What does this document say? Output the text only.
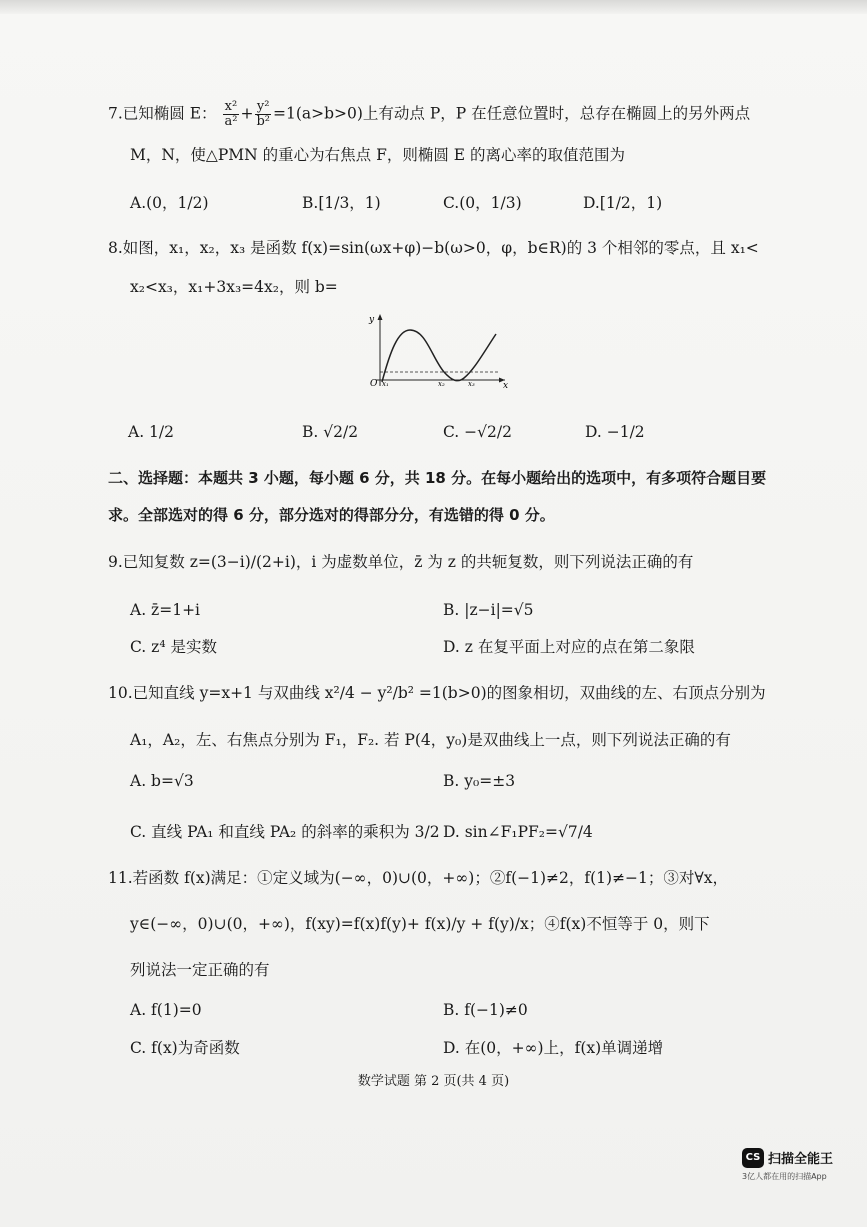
7.已知椭圆 E： $\frac{\text{x²}}{\text{a²}} + \frac{\text{y²}}{\text{b²}} =1(a>b>0)$上有动点 P，P 在任意位置时，总存在椭圆上的另外两点
M，N，使△PMN 的重心为右焦点 F，则椭圆 E 的离心率的取值范围为
A.(0，1/2)	B.[1/3，1)	C.(0，1/3)	D.[1/2，1)
8.如图，x₁，x₂，x₃ 是函数 f(x)=sin(ωx+φ)−b(ω>0，φ，b∈R)的 3 个相邻的零点，且 x₁<
x₂<x₃，x₁+3x₃=4x₂，则 b=
y
x
O x₁	x₂	x₃
A. 1/2	B. √2/2	C. −√2/2	D. −1/2
二、选择题：本题共 3 小题，每小题 6 分，共 18 分。在每小题给出的选项中，有多项符合题目要
求。全部选对的得 6 分，部分选对的得部分分，有选错的得 0 分。
9.已知复数 z=(3−i)/(2+i)，i 为虚数单位，z̄ 为 z 的共轭复数，则下列说法正确的有
A. z̄=1+i	B. |z−i|=√5
C. z⁴ 是实数	D. z 在复平面上对应的点在第二象限
10.已知直线 y=x+1 与双曲线 x²/4 − y²/b² =1(b>0)的图象相切，双曲线的左、右顶点分别为
A₁，A₂，左、右焦点分别为 F₁，F₂. 若 P(4，y₀)是双曲线上一点，则下列说法正确的有
A. b=√3	B. y₀=±3
C. 直线 PA₁ 和直线 PA₂ 的斜率的乘积为 3/2 D. sin∠F₁PF₂=√7/4
11.若函数 f(x)满足：①定义域为(−∞，0)∪(0，+∞)；②f(−1)≠2，f(1)≠−1；③对∀x，
y∈(−∞，0)∪(0，+∞)，f(xy)=f(x)f(y)+ f(x)/y + f(y)/x；④f(x)不恒等于 0，则下
列说法一定正确的有
A. f(1)=0	B. f(−1)≠0
C. f(x)为奇函数	D. 在(0，+∞)上，f(x)单调递增
数学试题 第 2 页(共 4 页)
CS 扫描全能王
3亿人都在用的扫描App
